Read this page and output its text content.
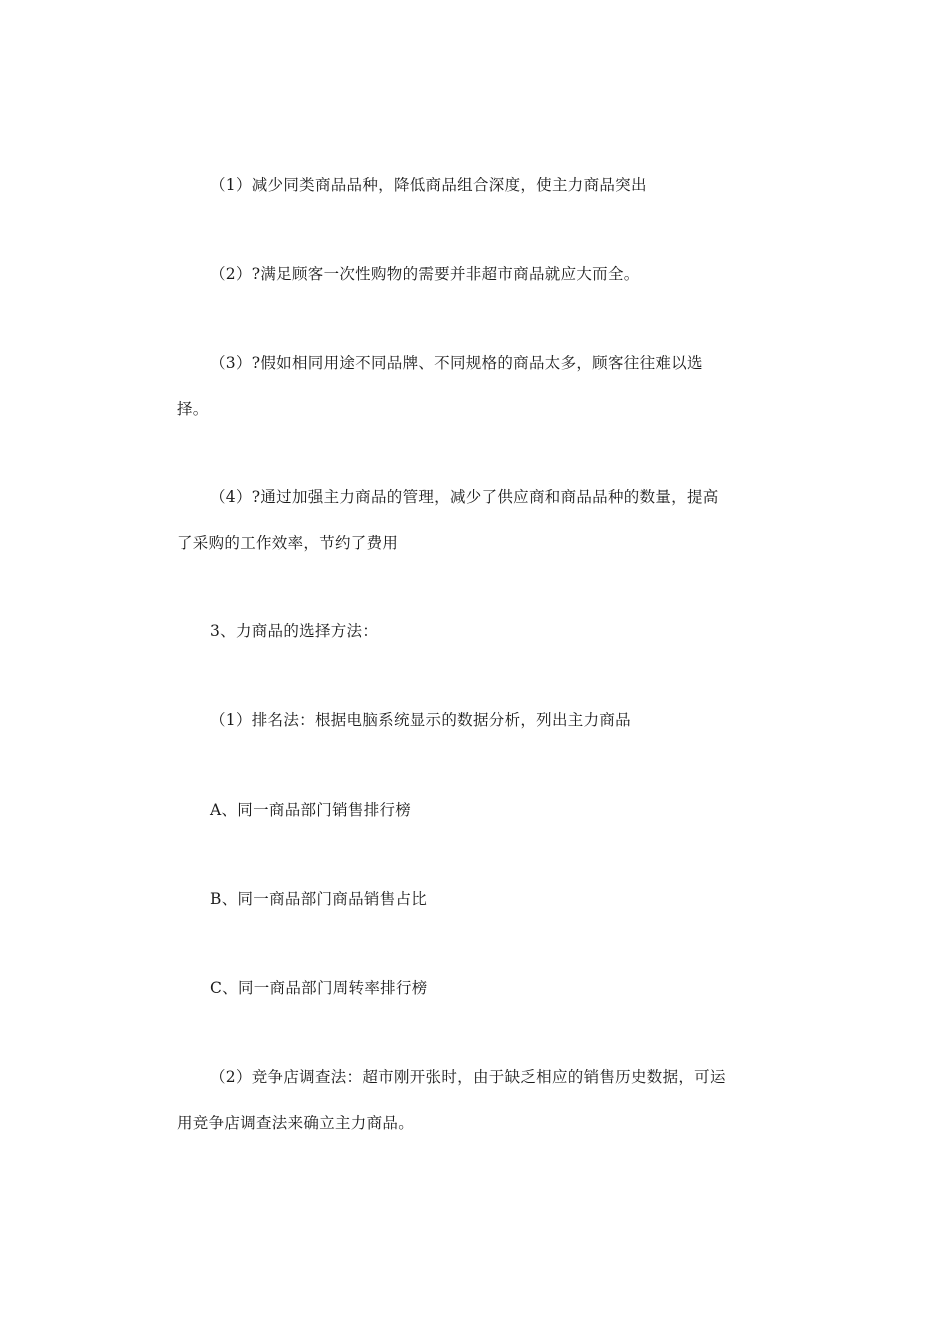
（1）减少同类商品品种，降低商品组合深度，使主力商品突出

（2）?满足顾客一次性购物的需要并非超市商品就应大而全。

（3）?假如相同用途不同品牌、不同规格的商品太多，顾客往往难以选
择。

（4）?通过加强主力商品的管理，减少了供应商和商品品种的数量，提高
了采购的工作效率，节约了费用

3、力商品的选择方法：

（1）排名法：根据电脑系统显示的数据分析，列出主力商品

A、同一商品部门销售排行榜

B、同一商品部门商品销售占比

C、同一商品部门周转率排行榜

（2）竞争店调查法：超市刚开张时，由于缺乏相应的销售历史数据，可运
用竞争店调查法来确立主力商品。
